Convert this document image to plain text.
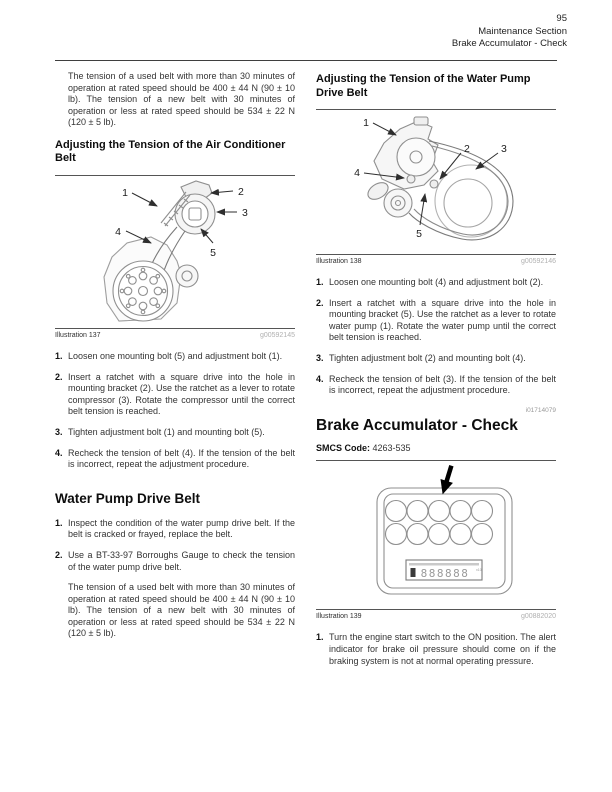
95
Maintenance Section
Brake Accumulator - Check

The tension of a used belt with more than 30 minutes of operation at rated speed should be 400 ± 44 N (90 ± 10 lb). The tension of a new belt with 30 minutes of operation or less at rated speed should be 534 ± 22 N (120 ± 5 lb).

Adjusting the Tension of the Air Conditioner Belt
1	2
3
4
5
Illustration 137	g00592145
1. Loosen one mounting bolt (5) and adjustment bolt (1).
2. Insert a ratchet with a square drive into the hole in mounting bracket (2). Use the ratchet as a lever to rotate compressor (3). Rotate the compressor until the correct belt tension is reached.
3. Tighten adjustment bolt (1) and mounting bolt (5).
4. Recheck the tension of belt (4). If the tension of the belt is incorrect, repeat the adjustment procedure.
Water Pump Drive Belt
1. Inspect the condition of the water pump drive belt. If the belt is cracked or frayed, replace the belt.
2. Use a BT-33-97 Borroughs Gauge to check the tension of the water pump drive belt.

The tension of a used belt with more than 30 minutes of operation at rated speed should be 400 ± 44 N (90 ± 10 lb). The tension of a new belt with 30 minutes of operation or less at rated speed should be 534 ± 22 N (120 ± 5 lb).

Adjusting the Tension of the Water Pump Drive Belt
1
2	3
4
5
Illustration 138	g00592146
1. Loosen one mounting bolt (4) and adjustment bolt (2).
2. Insert a ratchet with a square drive into the hole in mounting bracket (5). Use the ratchet as a lever to rotate water pump (1). Rotate the water pump until the correct belt tension is reached.
3. Tighten adjustment bolt (2) and mounting bolt (4).
4. Recheck the tension of belt (3). If the tension of the belt is incorrect, repeat the adjustment procedure.
i01714079
Brake Accumulator - Check

SMCS Code: 4263-535

888888 x10
Illustration 139	g00882020
1. Turn the engine start switch to the ON position. The alert indicator for brake oil pressure should come on if the braking system is not at normal operating pressure.
